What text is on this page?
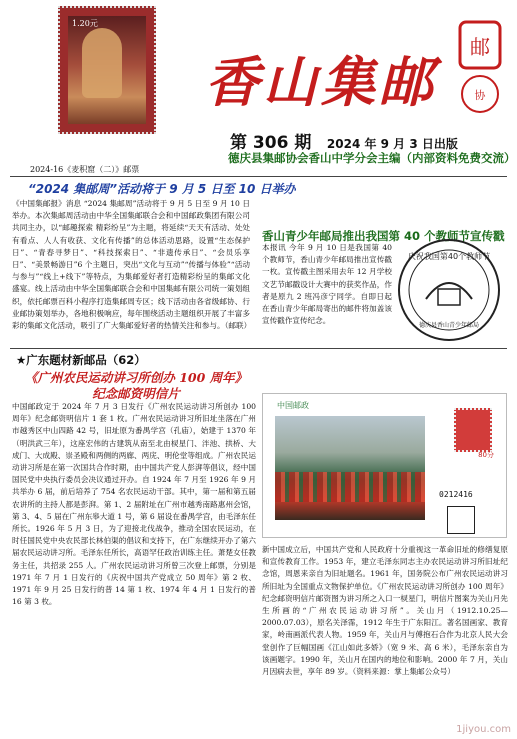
1.20元
香山集邮
邮
协
第 306 期 2024 年 9 月 3 日出版
德庆县集邮协会香山中学分会主编（内部资料免费交流）
2024-16《麦积窟（二）》邮票
“2024 集邮周”活动将于 9 月 5 日至 10 日举办
《中国集邮报》消息 “2024 集邮周”活动将于 9 月 5 日至 9 月 10 日举办。本次集邮周活动由中华全国集邮联合会和中国邮政集团有限公司共同主办，以“邮趣探索 精彩纷呈”为主题，将延续“天天有活动、处处有看点、人人有收获、文化有传播”的总体活动思路，设置“生态保护日”、“青春寻梦日”、“科技探索日”、“非遗传承日”、“会员乐享日”、“美景畅游日”6 个主题日，突出“文化与互动”“传播与体验”“活动与参与”“线上+线下”等特点，为集邮爱好者打造精彩纷呈的集邮文化盛宴。线上活动由中华全国集邮联合会和中国集邮有限公司统一策划组织，依托邮票百科小程序打造集邮周专区；线下活动由各省级邮协、行业邮协策划举办，各地积极响应，每年围绕活动主题组织开展了丰富多彩的集邮文化活动，吸引了广大集邮爱好者的热情关注和参与。（邮联）
香山青少年邮局推出我国第 40 个教师节宣传戳
本报讯 今年 9 月 10 日是我国第 40 个教师节，香山青少年邮局推出宣传戳一枚。宣传戳主图采用去年 12 月学校文艺节邮戳设计大赛中的获奖作品，作者是原九 2 班冯彦宁同学。自即日起在香山青少年邮局寄出的邮件将加盖该宣传戳作宣传纪念。
庆祝我国第40个教师节
德庆县香山青少年邮局
★广东题材新邮品（62）
《广州农民运动讲习所创办 100 周年》
纪念邮资明信片
中国邮政定于 2024 年 7 月 3 日发行《广州农民运动讲习所创办 100 周年》纪念邮资明信片 1 套 1 枚。广州农民运动讲习所旧址坐落在广州市越秀区中山四路 42 号，旧址原为番禺学宫（孔庙），始建于 1370 年（明洪武三年），这座宏伟的古建筑从南至北由棂星门、泮池、拱桥、大成门、大成殿、崇圣殿和两侧的两廊、两庑、明伦堂等组成。广州农民运动讲习所是在第一次国共合作时期，由中国共产党人彭湃等倡议，经中国国民党中央执行委员会决议通过开办。自 1924 年 7 月至 1926 年 9 月共举办 6 届，前后培养了 754 名农民运动干部。其中，第一届和第五届农讲所的主持人都是彭湃。第 1、2 届附址在广州市越秀南路惠州会馆，第 3、4、5 届在广州东皋大道 1 号，第 6 届设在番禺学宫，由毛泽东任所长。1926 年 5 月 3 日，为了迎接北伐战争，推动全国农民运动，在时任国民党中央农民部长林伯渠的倡议和支持下，在广东继续开办了第六届农民运动讲习所。毛泽东任所长，高语罕任政治训练主任。萧楚女任教务主任，共招录 255 人。广州农民运动讲习所曾三次登上邮票，分别是 1971 年 7 月 1 日发行的《庆祝中国共产党成立 50 周年》第 2 枚、1971 年 9 月 25 日发行的普 14 第 1 枚、1974 年 4 月 1 日发行的普 16 第 3 枚。
中国邮政
80分
0212416
新中国成立后，中国共产党和人民政府十分重视这一革命旧址的修缮复原和宣传教育工作。1953 年，建立毛泽东同志主办农民运动讲习所旧址纪念馆，周恩来亲自为旧址题名。1961 年，国务院公布广州农民运动讲习所旧址为全国重点文物保护单位。《广州农民运动讲习所创办 100 周年》纪念邮资明信片邮资图为讲习所之入口一棂星门，明信片图案为关山月先生所画的“广州农民运动讲习所”。关山月（1912.10.25—2000.07.03），原名关泽霈，1912 年生于广东阳江。著名国画家、教育家，岭南画派代表人物。1959 年，关山月与傅抱石合作为北京人民大会堂创作了巨幅国画《江山如此多娇》（宽 9 米、高 6 米），毛泽东亲自为该画题字。1990 年，关山月在国内的地位和影响。2000 年 7 月，关山月因病去世，享年 89 岁。（资料来源：掌上集邮公众号）
1jiyou.com
